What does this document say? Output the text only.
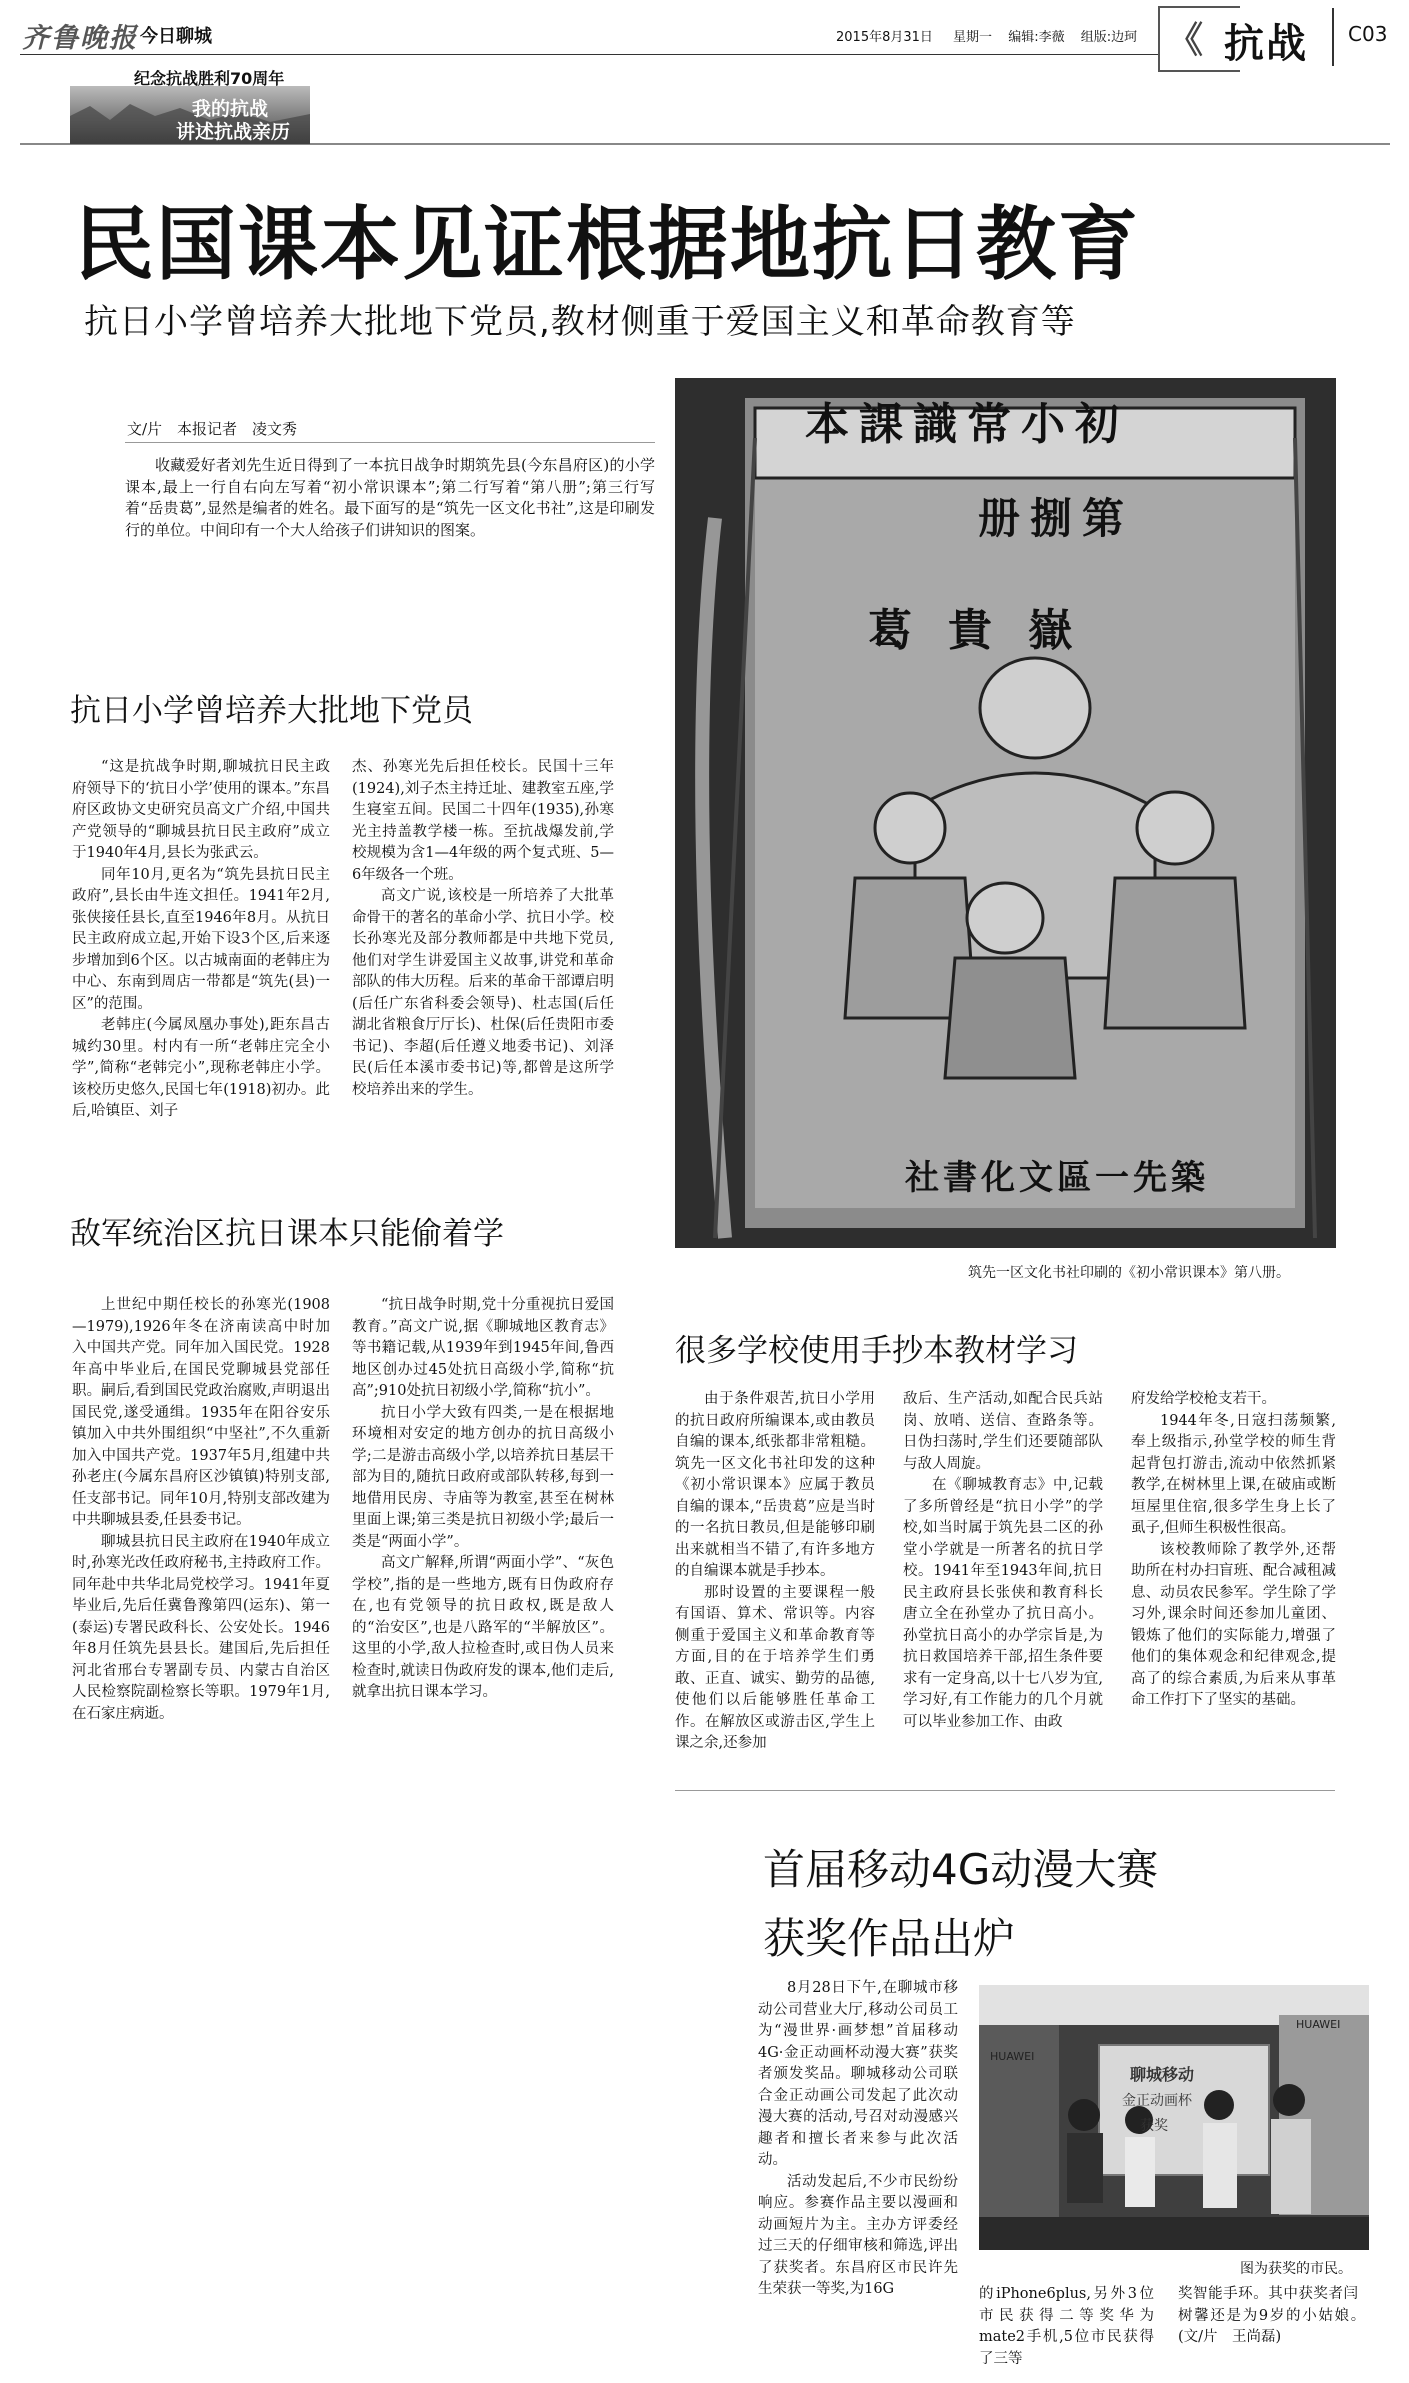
齐鲁晚报 今日聊城	2015年8月31日 星期一 编辑:李薇 组版:边珂 《 抗战 C03
纪念抗战胜利70周年
我的抗战
讲述抗战亲历
民国课本见证根据地抗日教育
抗日小学曾培养大批地下党员,教材侧重于爱国主义和革命教育等
文/片　本报记者　凌文秀

收藏爱好者刘先生近日得到了一本抗日战争时期筑先县(今东昌府区)的小学课本,最上一行自右向左写着“初小常识课本”;第二行写着“第八册”;第三行写着“岳贵葛”,显然是编者的姓名。最下面写的是“筑先一区文化书社”,这是印刷发行的单位。中间印有一个大人给孩子们讲知识的图案。

本課識常小初
册捌第
葛貴嶽
社書化文區一先築
筑先一区文化书社印刷的《初小常识课本》第八册。
抗日小学曾培养大批地下党员

“这是抗战争时期,聊城抗日民主政府领导下的‘抗日小学’使用的课本。”东昌府区政协文史研究员高文广介绍,中国共产党领导的“聊城县抗日民主政府”成立于1940年4月,县长为张武云。

同年10月,更名为“筑先县抗日民主政府”,县长由牛连文担任。1941年2月,张侠接任县长,直至1946年8月。从抗日民主政府成立起,开始下设3个区,后来逐步增加到6个区。以古城南面的老韩庄为中心、东南到周店一带都是“筑先(县)一区”的范围。

老韩庄(今属凤凰办事处),距东昌古城约30里。村内有一所“老韩庄完全小学”,简称“老韩完小”,现称老韩庄小学。该校历史悠久,民国七年(1918)初办。此后,哈镇臣、刘子

杰、孙寒光先后担任校长。民国十三年(1924),刘子杰主持迁址、建教室五座,学生寝室五间。民国二十四年(1935),孙寒光主持盖教学楼一栋。至抗战爆发前,学校规模为含1—4年级的两个复式班、5—6年级各一个班。

高文广说,该校是一所培养了大批革命骨干的著名的革命小学、抗日小学。校长孙寒光及部分教师都是中共地下党员,他们对学生讲爱国主义故事,讲党和革命部队的伟大历程。后来的革命干部谭启明(后任广东省科委会领导)、杜志国(后任湖北省粮食厅厅长)、杜保(后任贵阳市委书记)、李超(后任遵义地委书记)、刘泽民(后任本溪市委书记)等,都曾是这所学校培养出来的学生。

敌军统治区抗日课本只能偷着学

上世纪中期任校长的孙寒光(1908—1979),1926年冬在济南读高中时加入中国共产党。同年加入国民党。1928年高中毕业后,在国民党聊城县党部任职。嗣后,看到国民党政治腐败,声明退出国民党,遂受通缉。1935年在阳谷安乐镇加入中共外围组织“中坚社”,不久重新加入中国共产党。1937年5月,组建中共孙老庄(今属东昌府区沙镇镇)特别支部,任支部书记。同年10月,特别支部改建为中共聊城县委,任县委书记。

聊城县抗日民主政府在1940年成立时,孙寒光改任政府秘书,主持政府工作。同年赴中共华北局党校学习。1941年夏毕业后,先后任冀鲁豫第四(运东)、第一(泰运)专署民政科长、公安处长。1946年8月任筑先县县长。建国后,先后担任河北省邢台专署副专员、内蒙古自治区人民检察院副检察长等职。1979年1月,在石家庄病逝。

“抗日战争时期,党十分重视抗日爱国教育。”高文广说,据《聊城地区教育志》等书籍记载,从1939年到1945年间,鲁西地区创办过45处抗日高级小学,简称“抗高”;910处抗日初级小学,简称“抗小”。

抗日小学大致有四类,一是在根据地环境相对安定的地方创办的抗日高级小学;二是游击高级小学,以培养抗日基层干部为目的,随抗日政府或部队转移,每到一地借用民房、寺庙等为教室,甚至在树林里面上课;第三类是抗日初级小学;最后一类是“两面小学”。

高文广解释,所谓“两面小学”、“灰色学校”,指的是一些地方,既有日伪政府存在,也有党领导的抗日政权,既是敌人的“治安区”,也是八路军的“半解放区”。这里的小学,敌人拉检查时,或日伪人员来检查时,就读日伪政府发的课本,他们走后,就拿出抗日课本学习。

很多学校使用手抄本教材学习

由于条件艰苦,抗日小学用的抗日政府所编课本,或由教员自编的课本,纸张都非常粗糙。筑先一区文化书社印发的这种《初小常识课本》应属于教员自编的课本,“岳贵葛”应是当时的一名抗日教员,但是能够印刷出来就相当不错了,有许多地方的自编课本就是手抄本。

那时设置的主要课程一般有国语、算术、常识等。内容侧重于爱国主义和革命教育等方面,目的在于培养学生们勇敢、正直、诚实、勤劳的品德,使他们以后能够胜任革命工作。在解放区或游击区,学生上课之余,还参加

敌后、生产活动,如配合民兵站岗、放哨、送信、查路条等。日伪扫荡时,学生们还要随部队与敌人周旋。

在《聊城教育志》中,记载了多所曾经是“抗日小学”的学校,如当时属于筑先县二区的孙堂小学就是一所著名的抗日学校。1941年至1943年间,抗日民主政府县长张侠和教育科长唐立全在孙堂办了抗日高小。孙堂抗日高小的办学宗旨是,为抗日救国培养干部,招生条件要求有一定身高,以十七八岁为宜,学习好,有工作能力的几个月就可以毕业参加工作、由政

府发给学校枪支若干。

1944年冬,日寇扫荡频繁,奉上级指示,孙堂学校的师生背起背包打游击,流动中依然抓紧教学,在树林里上课,在破庙或断垣屋里住宿,很多学生身上长了虱子,但师生积极性很高。

该校教师除了教学外,还帮助所在村办扫盲班、配合减租减息、动员农民参军。学生除了学习外,课余时间还参加儿童团、锻炼了他们的实际能力,增强了他们的集体观念和纪律观念,提高了的综合素质,为后来从事革命工作打下了坚实的基础。

首届移动4G动漫大赛
获奖作品出炉

8月28日下午,在聊城市移动公司营业大厅,移动公司员工为“漫世界·画梦想”首届移动4G·金正动画杯动漫大赛”获奖者颁发奖品。聊城移动公司联合金正动画公司发起了此次动漫大赛的活动,号召对动漫感兴趣者和擅长者来参与此次活动。

活动发起后,不少市民纷纷响应。参赛作品主要以漫画和动画短片为主。主办方评委经过三天的仔细审核和筛选,评出了获奖者。东昌府区市民许先生荣获一等奖,为16G

HUAWEI
HUAWEI
聊城移动
金正动画杯
获奖
图为获奖的市民。

的iPhone6plus,另外3位市民获得二等奖华为mate2手机,5位市民获得了三等

奖智能手环。其中获奖者闫树馨还是为9岁的小姑娘。　(文/片　王尚磊)
